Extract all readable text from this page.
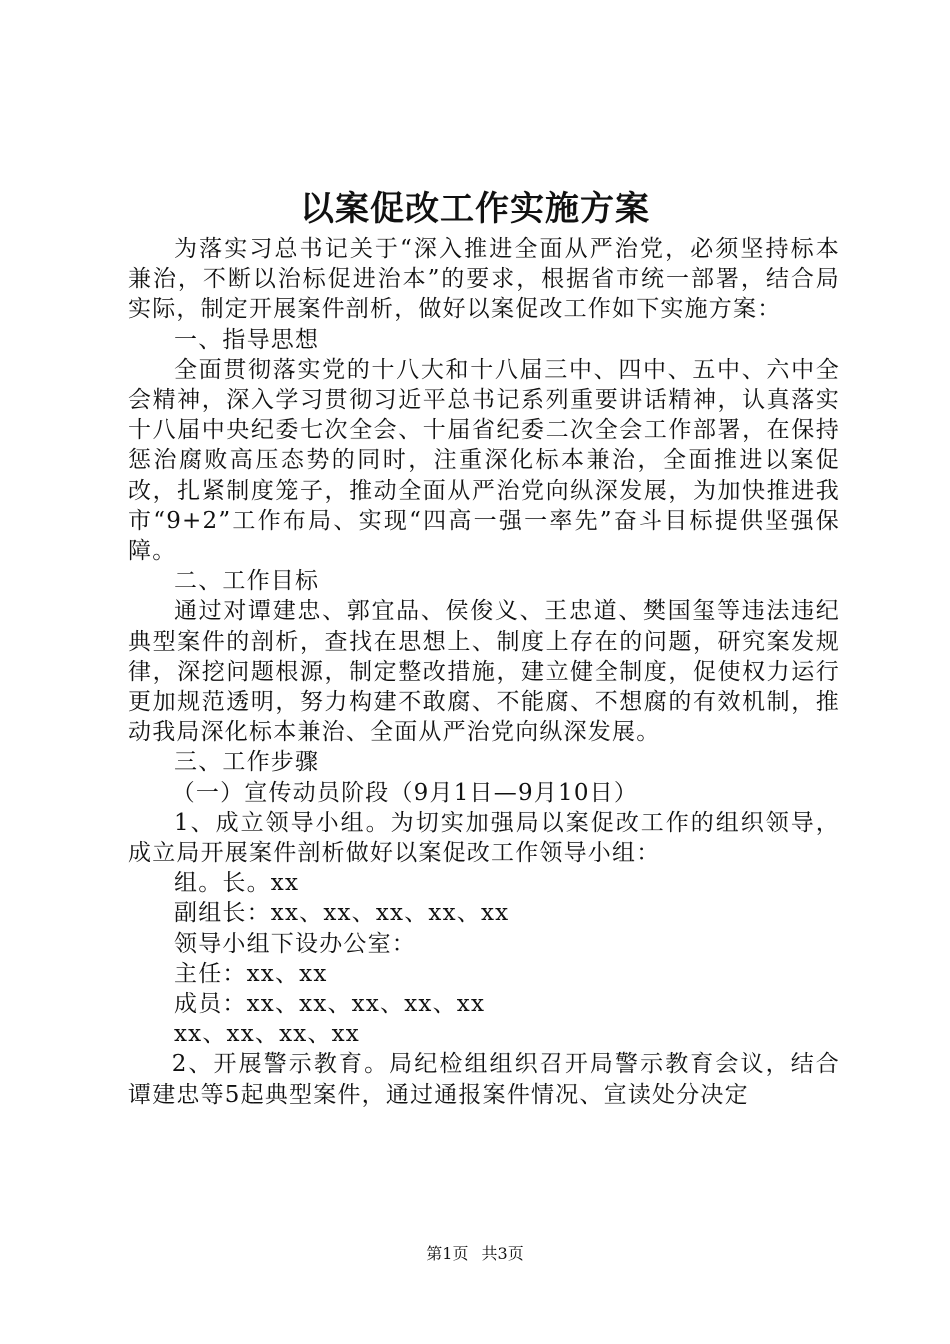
以案促改工作实施方案

为落实习总书记关于“深入推进全面从严治党，必须坚持标本兼治，不断以治标促进治本”的要求，根据省市统一部署，结合局实际，制定开展案件剖析，做好以案促改工作如下实施方案：

一、指导思想

全面贯彻落实党的十八大和十八届三中、四中、五中、六中全会精神，深入学习贯彻习近平总书记系列重要讲话精神，认真落实十八届中央纪委七次全会、十届省纪委二次全会工作部署，在保持惩治腐败高压态势的同时，注重深化标本兼治，全面推进以案促改，扎紧制度笼子，推动全面从严治党向纵深发展，为加快推进我市“9+2”工作布局、实现“四高一强一率先”奋斗目标提供坚强保障。

二、工作目标

通过对谭建忠、郭宜品、侯俊义、王忠道、樊国玺等违法违纪典型案件的剖析，查找在思想上、制度上存在的问题，研究案发规律，深挖问题根源，制定整改措施，建立健全制度，促使权力运行更加规范透明，努力构建不敢腐、不能腐、不想腐的有效机制，推动我局深化标本兼治、全面从严治党向纵深发展。

三、工作步骤

（一）宣传动员阶段（9月1日—9月10日）

1、成立领导小组。为切实加强局以案促改工作的组织领导，成立局开展案件剖析做好以案促改工作领导小组：

组。长。xx

副组长：xx、xx、xx、xx、xx

领导小组下设办公室：

主任：xx、xx

成员：xx、xx、xx、xx、xx

xx、xx、xx、xx

2、开展警示教育。局纪检组组织召开局警示教育会议，结合谭建忠等5起典型案件，通过通报案件情况、宣读处分决定

第1页 共3页
